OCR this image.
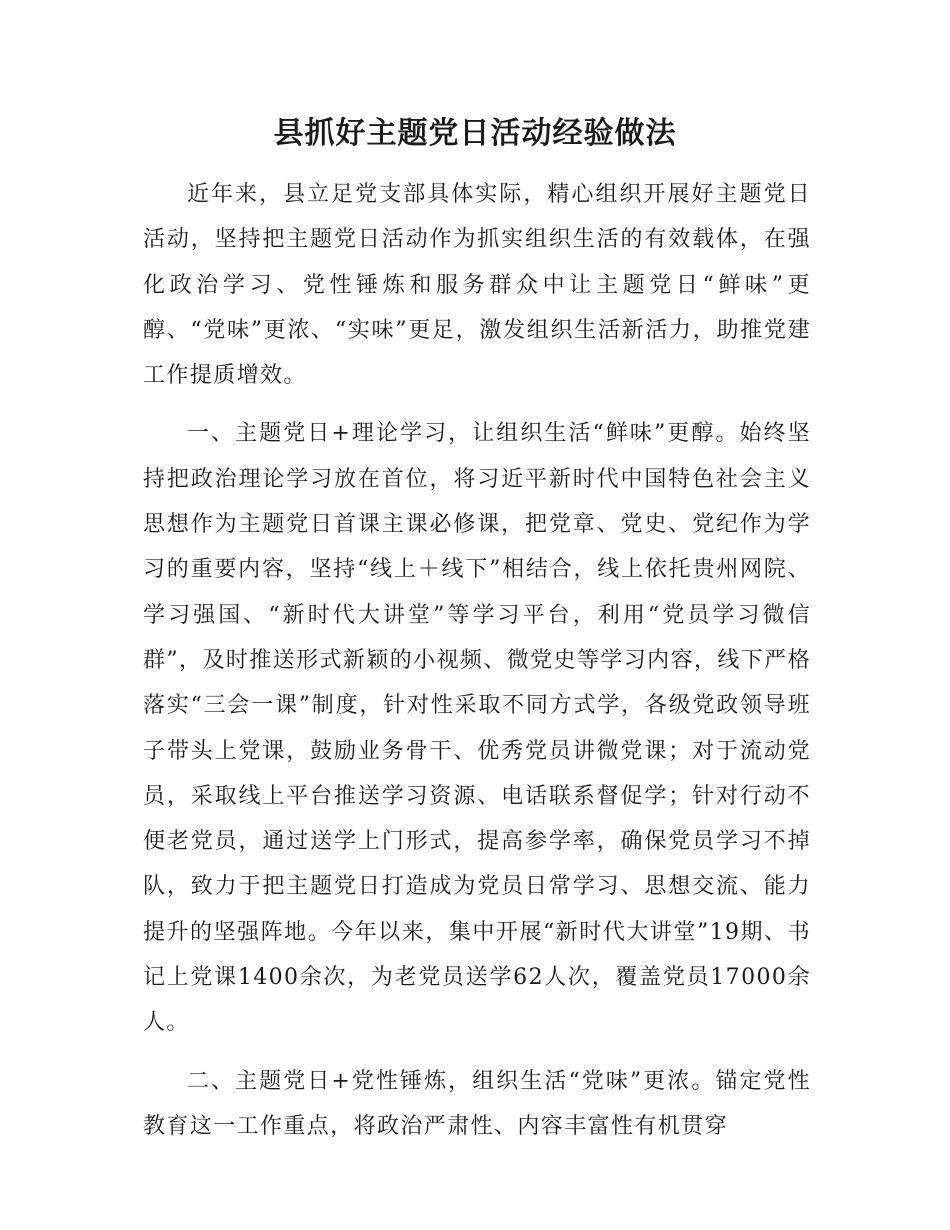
县抓好主题党日活动经验做法

近年来，县立足党支部具体实际，精心组织开展好主题党日活动，坚持把主题党日活动作为抓实组织生活的有效载体，在强化政治学习、党性锤炼和服务群众中让主题党日“鲜味”更醇、“党味”更浓、“实味”更足，激发组织生活新活力，助推党建工作提质增效。

一、主题党日+理论学习，让组织生活“鲜味”更醇。始终坚持把政治理论学习放在首位，将习近平新时代中国特色社会主义思想作为主题党日首课主课必修课，把党章、党史、党纪作为学习的重要内容，坚持“线上＋线下”相结合，线上依托贵州网院、学习强国、“新时代大讲堂”等学习平台，利用“党员学习微信群”，及时推送形式新颖的小视频、微党史等学习内容，线下严格落实“三会一课”制度，针对性采取不同方式学，各级党政领导班子带头上党课，鼓励业务骨干、优秀党员讲微党课；对于流动党员，采取线上平台推送学习资源、电话联系督促学；针对行动不便老党员，通过送学上门形式，提高参学率，确保党员学习不掉队，致力于把主题党日打造成为党员日常学习、思想交流、能力提升的坚强阵地。今年以来，集中开展“新时代大讲堂”19期、书记上党课1400余次，为老党员送学62人次，覆盖党员17000余人。

二、主题党日+党性锤炼，组织生活“党味”更浓。锚定党性教育这一工作重点，将政治严肃性、内容丰富性有机贯穿
